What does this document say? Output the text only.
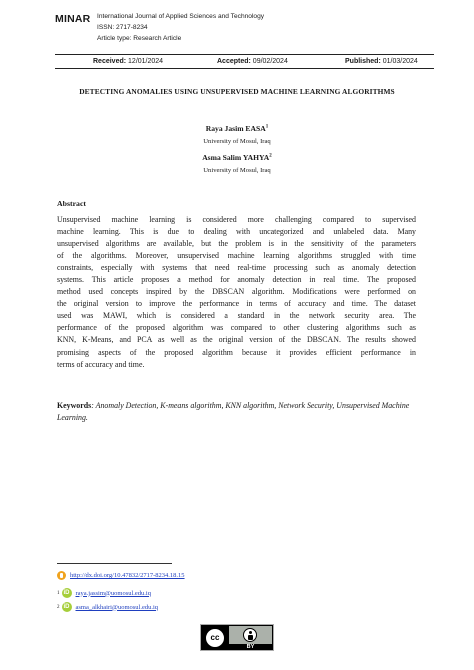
MINAR International Journal of Applied Sciences and Technology
ISSN: 2717-8234
Article type: Research Article
Received: 12/01/2024	Accepted: 09/02/2024	Published: 01/03/2024
DETECTING ANOMALIES USING UNSUPERVISED MACHINE LEARNING ALGORITHMS
Raya Jasim EASA$^1$
University of Mosul, Iraq
Asma Salim YAHYA$^2$
University of Mosul, Iraq
Abstract
Unsupervised machine learning is considered more challenging compared to supervised
machine learning. This is due to dealing with uncategorized and unlabeled data. Many
unsupervised algorithms are available, but the problem is in the sensitivity of the parameters
of the algorithms. Moreover, unsupervised machine learning algorithms struggled with time
constraints, especially with systems that need real-time processing such as anomaly detection
systems. This article proposes a method for anomaly detection in real time. The proposed
method used concepts inspired by the DBSCAN algorithm. Modifications were performed on
the original version to improve the performance in terms of accuracy and time. The dataset
used was MAWI, which is considered a standard in the network security area. The
performance of the proposed algorithm was compared to other clustering algorithms such as
KNN, K-Means, and PCA as well as the original version of the DBSCAN. The results showed
promising aspects of the proposed algorithm because it provides efficient performance in
terms of accuracy and time.
Keywords: Anomaly Detection, K-means algorithm, KNN algorithm, Network Security, Unsupervised Machine Learning.
http://dx.doi.org/10.47832/2717-8234.18.15
1 iD raya.jassim@uomosul.edu.iq
2 iD asma_alkhairi@uomosul.edu.iq
cc
BY
